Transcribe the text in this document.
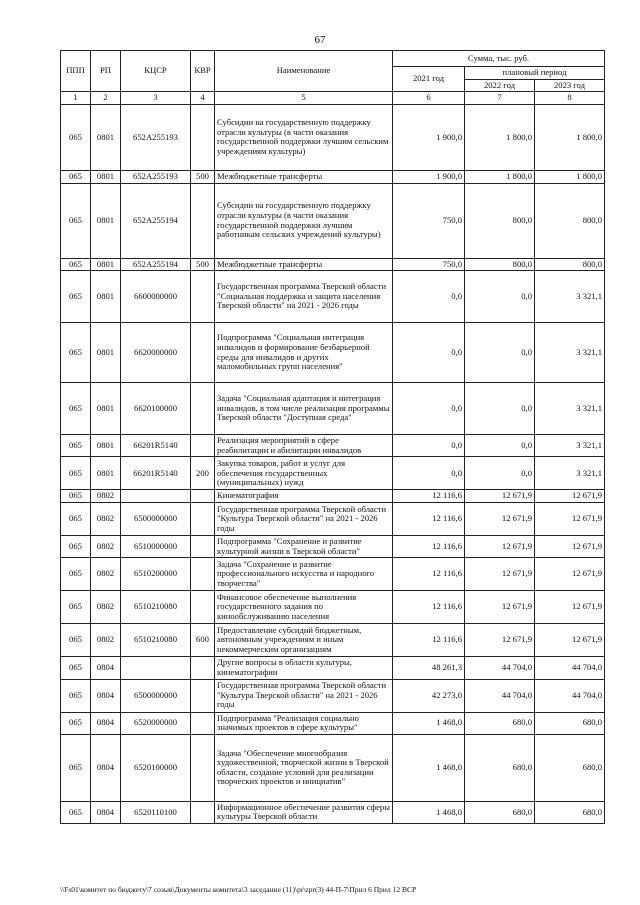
67
ППП	РП	КЦСР	КВР	Наименование	Сумма, тыс. руб.		
					2021 год	плановый период	
						2022 год	2023 год
1	2	3	4	5	6	7	8
065	0801	652A255193		Субсидии на государственную поддержку отрасли культуры (в части оказания государственной поддержки лучшим сельским учреждениям культуры)	1 900,0	1 800,0	1 800,0
065	0801	652A255193	500	Межбюджетные трансферты	1 900,0	1 800,0	1 800,0
065	0801	652A255194		Субсидии на государственную поддержку отрасли культуры (в части оказания государственной поддержки лучшим работникам сельских учреждений культуры)	750,0	800,0	800,0
065	0801	652A255194	500	Межбюджетные трансферты	750,0	800,0	800,0
065	0801	6600000000		Государственная программа Тверской области "Социальная поддержка и защита населения Тверской области" на 2021 - 2026 годы	0,0	0,0	3 321,1
065	0801	6620000000		Подпрограмма "Социальная интеграция инвалидов и формирование безбарьерной среды для инвалидов и других маломобильных групп населения"	0,0	0,0	3 321,1
065	0801	6620100000		Задача "Социальная адаптация и интеграция инвалидов, в том числе реализация программы Тверской области "Доступная среда"	0,0	0,0	3 321,1
065	0801	66201R5140		Реализация мероприятий в сфере реабилитации и абилитации инвалидов	0,0	0,0	3 321,1
065	0801	66201R5140	200	Закупка товаров, работ и услуг для обеспечения государственных (муниципальных) нужд	0,0	0,0	3 321,1
065	0802			Кинематография	12 116,6	12 671,9	12 671,9
065	0802	6500000000		Государственная программа Тверской области "Культура Тверской области" на 2021 - 2026 годы	12 116,6	12 671,9	12 671,9
065	0802	6510000000		Подпрограмма "Сохранение и развитие культурной жизни в Тверской области"	12 116,6	12 671,9	12 671,9
065	0802	6510200000		Задача "Сохранение и развитие профессионального искусства и народного творчества"	12 116,6	12 671,9	12 671,9
065	0802	6510210080		Финансовое обеспечение выполнения государственного задания по кинообслуживанию населения	12 116,6	12 671,9	12 671,9
065	0802	6510210080	600	Предоставление субсидий бюджетным, автономным учреждениям и иным некоммерческим организациям	12 116,6	12 671,9	12 671,9
065	0804			Другие вопросы в области культуры, кинематографии	48 261,3	44 704,0	44 704,0
065	0804	6500000000		Государственная программа Тверской области "Культура Тверской области" на 2021 - 2026 годы	42 273,0	44 704,0	44 704,0
065	0804	6520000000		Подпрограмма "Реализация социально значимых проектов в сфере культуры"	1 468,0	680,0	680,0
065	0804	6520100000		Задача "Обеспечение многообразия художественной, творческой жизни в Тверской области, создание условий для реализации творческих проектов и инициатив"	1 468,0	680,0	680,0
065	0804	6520110100		Информационное обеспечение развития сферы культуры Тверской области	1 468,0	680,0	680,0
\\Fs01\комитет по бюджету\7 созыв\Документы комитета\3 заседание (11)\pr\zpr(3) 44-П-7\Прил 6 Прил 12 ВСР
